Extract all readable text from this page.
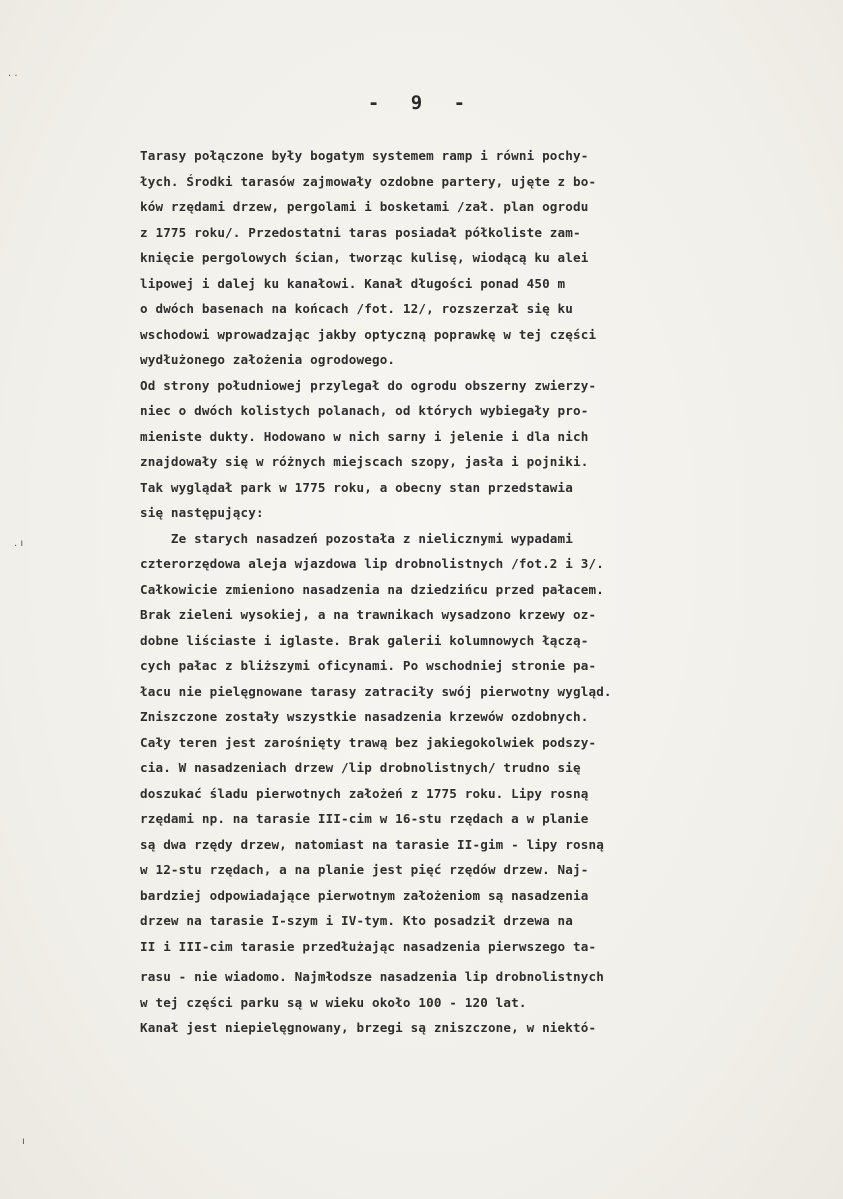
. .
. ı
ı
- 9 -
Tarasy połączone były bogatym systemem ramp i równi pochy-
łych. Środki tarasów zajmowały ozdobne partery, ujęte z bo-
ków rzędami drzew, pergolami i bosketami /zał. plan ogrodu
z 1775 roku/. Przedostatni taras posiadał półkoliste zam-
knięcie pergolowych ścian, tworząc kulisę, wiodącą ku alei
lipowej i dalej ku kanałowi. Kanał długości ponad 450 m
o dwóch basenach na końcach /fot. 12/, rozszerzał się ku
wschodowi wprowadzając jakby optyczną poprawkę w tej części
wydłużonego założenia ogrodowego.
Od strony południowej przylegał do ogrodu obszerny zwierzy-
niec o dwóch kolistych polanach, od których wybiegały pro-
mieniste dukty. Hodowano w nich sarny i jelenie i dla nich
znajdowały się w różnych miejscach szopy, jasła i pojniki.
Tak wyglądał park w 1775 roku, a obecny stan przedstawia
się następujący:
Ze starych nasadzeń pozostała z nielicznymi wypadami
czterorzędowa aleja wjazdowa lip drobnolistnych /fot.2 i 3/.
Całkowicie zmieniono nasadzenia na dziedzińcu przed pałacem.
Brak zieleni wysokiej, a na trawnikach wysadzono krzewy oz-
dobne liściaste i iglaste. Brak galerii kolumnowych łączą-
cych pałac z bliższymi oficynami. Po wschodniej stronie pa-
łacu nie pielęgnowane tarasy zatraciły swój pierwotny wygląd.
Zniszczone zostały wszystkie nasadzenia krzewów ozdobnych.
Cały teren jest zarośnięty trawą bez jakiegokolwiek podszy-
cia. W nasadzeniach drzew /lip drobnolistnych/ trudno się
doszukać śladu pierwotnych założeń z 1775 roku. Lipy rosną
rzędami np. na tarasie III-cim w 16-stu rzędach a w planie
są dwa rzędy drzew, natomiast na tarasie II-gim - lipy rosną
w 12-stu rzędach, a na planie jest pięć rzędów drzew. Naj-
bardziej odpowiadające pierwotnym założeniom są nasadzenia
drzew na tarasie I-szym i IV-tym. Kto posadził drzewa na
II i III-cim tarasie przedłużając nasadzenia pierwszego ta-
rasu - nie wiadomo. Najmłodsze nasadzenia lip drobnolistnych
w tej części parku są w wieku około 100 - 120 lat.
Kanał jest niepielęgnowany, brzegi są zniszczone, w niektó-
